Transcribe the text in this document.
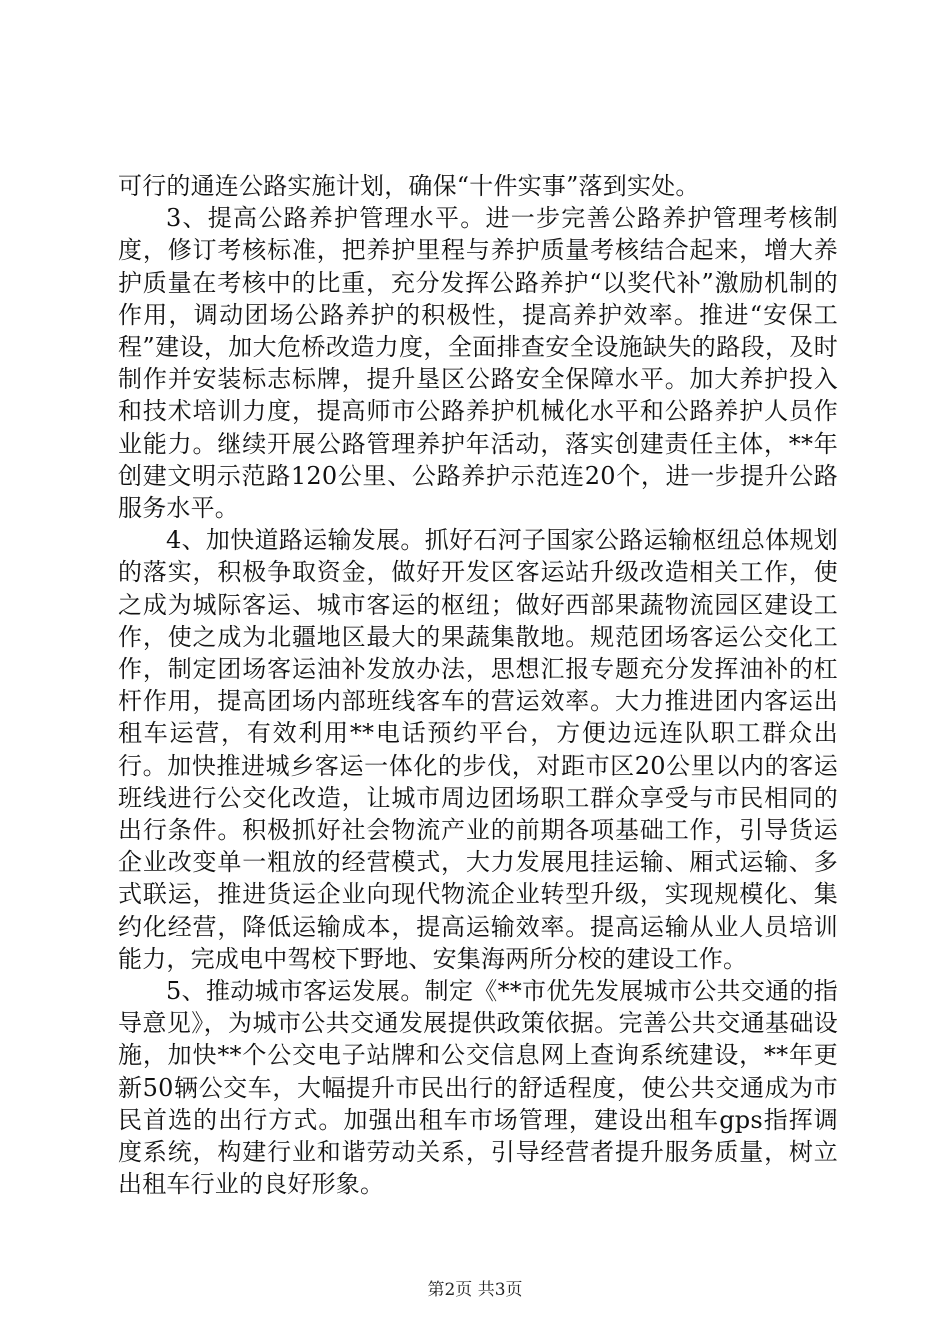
可行的通连公路实施计划，确保“十件实事”落到实处。

3、提高公路养护管理水平。进一步完善公路养护管理考核制度，修订考核标准，把养护里程与养护质量考核结合起来，增大养护质量在考核中的比重，充分发挥公路养护“以奖代补”激励机制的作用，调动团场公路养护的积极性，提高养护效率。推进“安保工程”建设，加大危桥改造力度，全面排查安全设施缺失的路段，及时制作并安装标志标牌，提升垦区公路安全保障水平。加大养护投入和技术培训力度，提高师市公路养护机械化水平和公路养护人员作业能力。继续开展公路管理养护年活动，落实创建责任主体，**年创建文明示范路120公里、公路养护示范连20个，进一步提升公路服务水平。

4、加快道路运输发展。抓好石河子国家公路运输枢纽总体规划的落实，积极争取资金，做好开发区客运站升级改造相关工作，使之成为城际客运、城市客运的枢纽；做好西部果蔬物流园区建设工作，使之成为北疆地区最大的果蔬集散地。规范团场客运公交化工作，制定团场客运油补发放办法，思想汇报专题充分发挥油补的杠杆作用，提高团场内部班线客车的营运效率。大力推进团内客运出租车运营，有效利用**电话预约平台，方便边远连队职工群众出行。加快推进城乡客运一体化的步伐，对距市区20公里以内的客运班线进行公交化改造，让城市周边团场职工群众享受与市民相同的出行条件。积极抓好社会物流产业的前期各项基础工作，引导货运企业改变单一粗放的经营模式，大力发展甩挂运输、厢式运输、多式联运，推进货运企业向现代物流企业转型升级，实现规模化、集约化经营，降低运输成本，提高运输效率。提高运输从业人员培训能力，完成电中驾校下野地、安集海两所分校的建设工作。

5、推动城市客运发展。制定《**市优先发展城市公共交通的指导意见》，为城市公共交通发展提供政策依据。完善公共交通基础设施，加快**个公交电子站牌和公交信息网上查询系统建设，**年更新50辆公交车，大幅提升市民出行的舒适程度，使公共交通成为市民首选的出行方式。加强出租车市场管理，建设出租车gps指挥调度系统，构建行业和谐劳动关系，引导经营者提升服务质量，树立出租车行业的良好形象。

第2页 共3页
